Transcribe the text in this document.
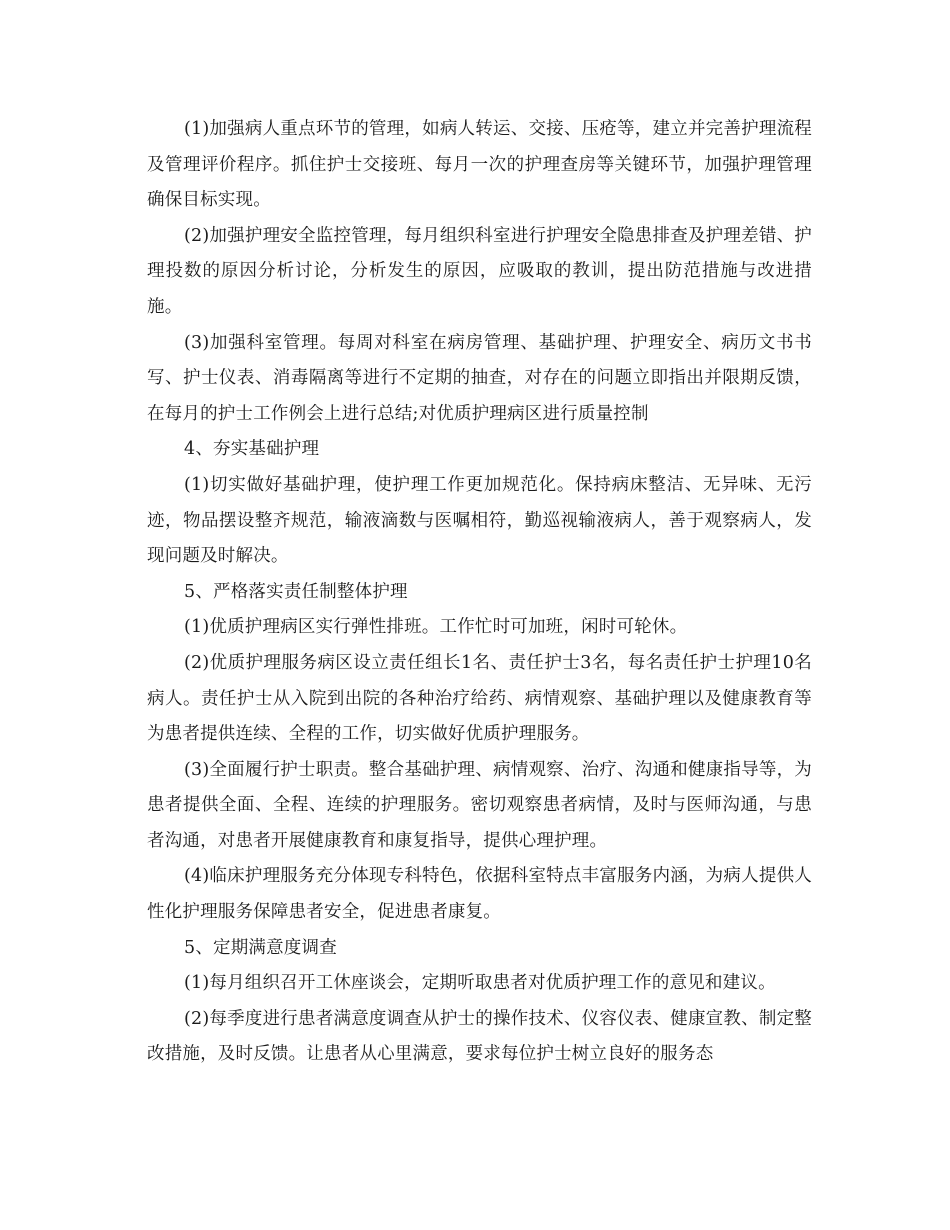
(1)加强病人重点环节的管理，如病人转运、交接、压疮等，建立并完善护理流程及管理评价程序。抓住护士交接班、每月一次的护理查房等关键环节，加强护理管理确保目标实现。

(2)加强护理安全监控管理，每月组织科室进行护理安全隐患排查及护理差错、护理投数的原因分析讨论，分析发生的原因，应吸取的教训，提出防范措施与改进措施。

(3)加强科室管理。每周对科室在病房管理、基础护理、护理安全、病历文书书写、护士仪表、消毒隔离等进行不定期的抽查，对存在的问题立即指出并限期反馈，在每月的护士工作例会上进行总结;对优质护理病区进行质量控制

4、夯实基础护理

(1)切实做好基础护理，使护理工作更加规范化。保持病床整洁、无异味、无污迹，物品摆设整齐规范，输液滴数与医嘱相符，勤巡视输液病人，善于观察病人，发现问题及时解决。

5、严格落实责任制整体护理

(1)优质护理病区实行弹性排班。工作忙时可加班，闲时可轮休。

(2)优质护理服务病区设立责任组长1名、责任护士3名，每名责任护士护理10名病人。责任护士从入院到出院的各种治疗给药、病情观察、基础护理以及健康教育等为患者提供连续、全程的工作，切实做好优质护理服务。

(3)全面履行护士职责。整合基础护理、病情观察、治疗、沟通和健康指导等，为患者提供全面、全程、连续的护理服务。密切观察患者病情，及时与医师沟通，与患者沟通，对患者开展健康教育和康复指导，提供心理护理。

(4)临床护理服务充分体现专科特色，依据科室特点丰富服务内涵，为病人提供人性化护理服务保障患者安全，促进患者康复。

5、定期满意度调查

(1)每月组织召开工休座谈会，定期听取患者对优质护理工作的意见和建议。

(2)每季度进行患者满意度调查从护士的操作技术、仪容仪表、健康宣教、制定整改措施，及时反馈。让患者从心里满意，要求每位护士树立良好的服务态
